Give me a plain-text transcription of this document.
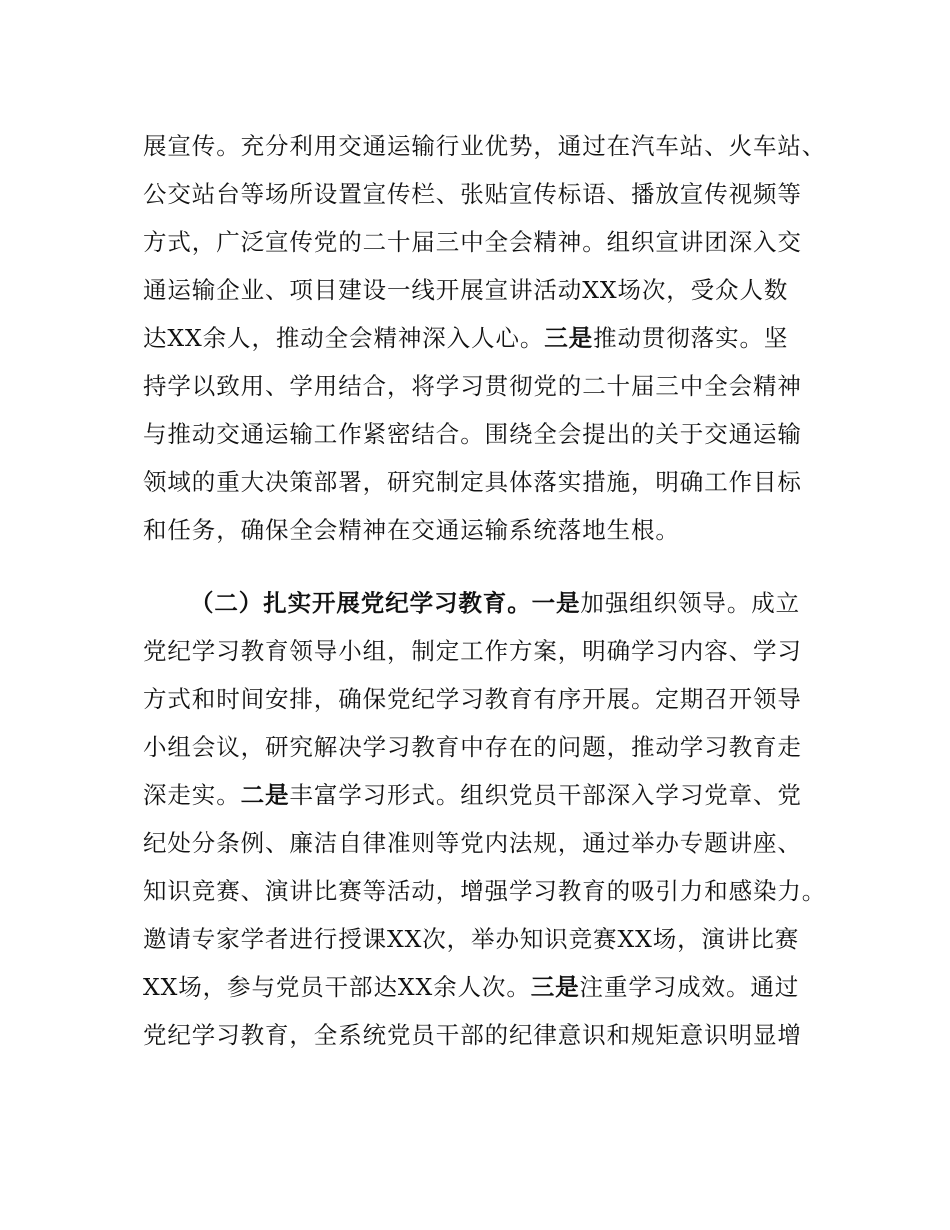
展宣传。充分利用交通运输行业优势，通过在汽车站、火车站、
公交站台等场所设置宣传栏、张贴宣传标语、播放宣传视频等
方式，广泛宣传党的二十届三中全会精神。组织宣讲团深入交
通运输企业、项目建设一线开展宣讲活动XX场次，受众人数
达XX余人，推动全会精神深入人心。三是推动贯彻落实。坚
持学以致用、学用结合，将学习贯彻党的二十届三中全会精神
与推动交通运输工作紧密结合。围绕全会提出的关于交通运输
领域的重大决策部署，研究制定具体落实措施，明确工作目标
和任务，确保全会精神在交通运输系统落地生根。
（二）扎实开展党纪学习教育。一是加强组织领导。成立
党纪学习教育领导小组，制定工作方案，明确学习内容、学习
方式和时间安排，确保党纪学习教育有序开展。定期召开领导
小组会议，研究解决学习教育中存在的问题，推动学习教育走
深走实。二是丰富学习形式。组织党员干部深入学习党章、党
纪处分条例、廉洁自律准则等党内法规，通过举办专题讲座、
知识竞赛、演讲比赛等活动，增强学习教育的吸引力和感染力。
邀请专家学者进行授课XX次，举办知识竞赛XX场，演讲比赛
XX场，参与党员干部达XX余人次。三是注重学习成效。通过
党纪学习教育，全系统党员干部的纪律意识和规矩意识明显增
